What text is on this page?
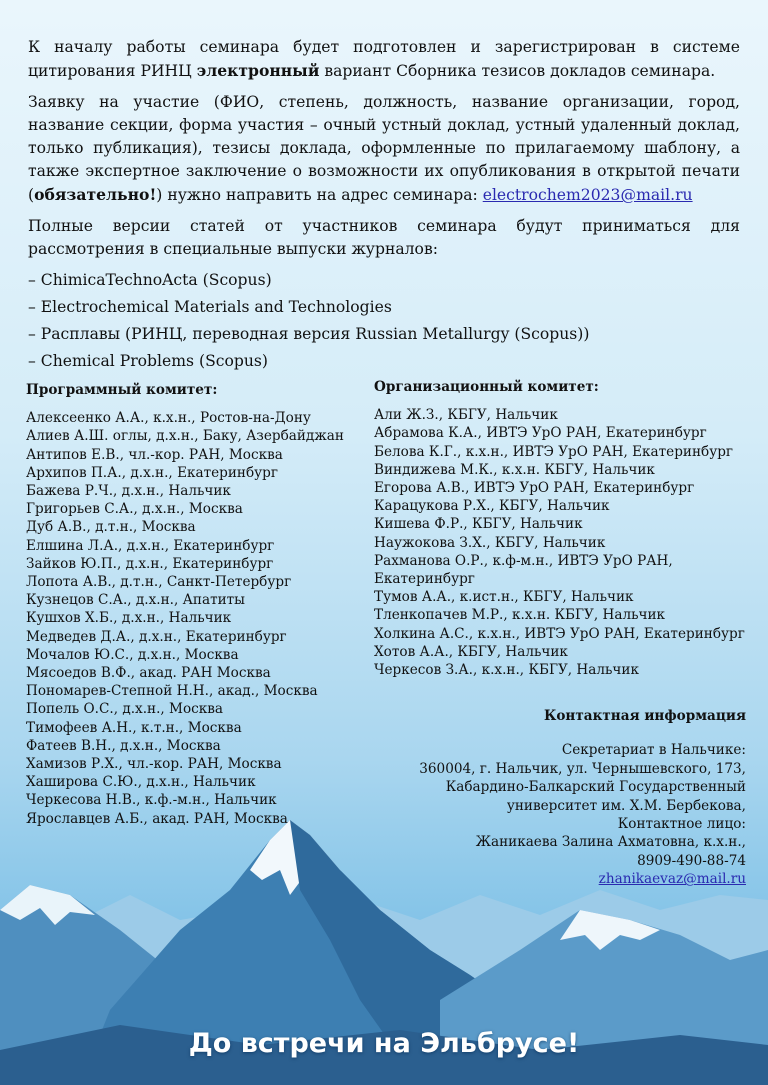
К началу работы семинара будет подготовлен и зарегистрирован в системе цитирования РИНЦ электронный вариант Сборника тезисов докладов семинара.

Заявку на участие (ФИО, степень, должность, название организации, город, название секции, форма участия – очный устный доклад, устный удаленный доклад, только публикация), тезисы доклада, оформленные по прилагаемому шаблону, а также экспертное заключение о возможности их опубликования в открытой печати (обязательно!) нужно направить на адрес семинара: electrochem2023@mail.ru

Полные версии статей от участников семинара будут приниматься для рассмотрения в специальные выпуски журналов:

– ChimicaTechnoActa (Scopus)
– Electrochemical Materials and Technologies
– Расплавы (РИНЦ, переводная версия Russian Metallurgy (Scopus))
– Chemical Problems (Scopus)
Программный комитет:
Алексеенко А.А., к.х.н., Ростов-на-Дону
Алиев А.Ш. оглы, д.х.н., Баку, Азербайджан
Антипов Е.В., чл.-кор. РАН, Москва
Архипов П.А., д.х.н., Екатеринбург
Бажева Р.Ч., д.х.н., Нальчик
Григорьев С.А., д.х.н., Москва
Дуб А.В., д.т.н., Москва
Елшина Л.А., д.х.н., Екатеринбург
Зайков Ю.П., д.х.н., Екатеринбург
Лопота А.В., д.т.н., Санкт-Петербург
Кузнецов С.А., д.х.н., Апатиты
Кушхов Х.Б., д.х.н., Нальчик
Медведев Д.А., д.х.н., Екатеринбург
Мочалов Ю.С., д.х.н., Москва
Мясоедов В.Ф., акад. РАН Москва
Пономарев-Степной Н.Н., акад., Москва
Попель О.С., д.х.н., Москва
Тимофеев А.Н., к.т.н., Москва
Фатеев В.Н., д.х.н., Москва
Хамизов Р.Х., чл.-кор. РАН, Москва
Хаширова С.Ю., д.х.н., Нальчик
Черкесова Н.В., к.ф.-м.н., Нальчик
Ярославцев А.Б., акад. РАН, Москва
Организационный комитет:
Али Ж.З., КБГУ, Нальчик
Абрамова К.А., ИВТЭ УрО РАН, Екатеринбург
Белова К.Г., к.х.н., ИВТЭ УрО РАН, Екатеринбург
Виндижева М.К., к.х.н. КБГУ, Нальчик
Егорова А.В., ИВТЭ УрО РАН, Екатеринбург
Карацукова Р.Х., КБГУ, Нальчик
Кишева Ф.Р., КБГУ, Нальчик
Наужокова З.Х., КБГУ, Нальчик
Рахманова О.Р., к.ф-м.н., ИВТЭ УрО РАН, Екатеринбург
Тумов А.А., к.ист.н., КБГУ, Нальчик
Тленкопачев М.Р., к.х.н. КБГУ, Нальчик
Холкина А.С., к.х.н., ИВТЭ УрО РАН, Екатеринбург
Хотов А.А., КБГУ, Нальчик
Черкесов З.А., к.х.н., КБГУ, Нальчик
Контактная информация
Секретариат в Нальчике:
360004, г. Нальчик, ул. Чернышевского, 173,
Кабардино-Балкарский Государственный
университет им. Х.М. Бербекова,
Контактное лицо:
Жаникаева Залина Ахматовна, к.х.н.,
8909-490-88-74
zhanikaevaz@mail.ru
До встречи на Эльбрусе!
